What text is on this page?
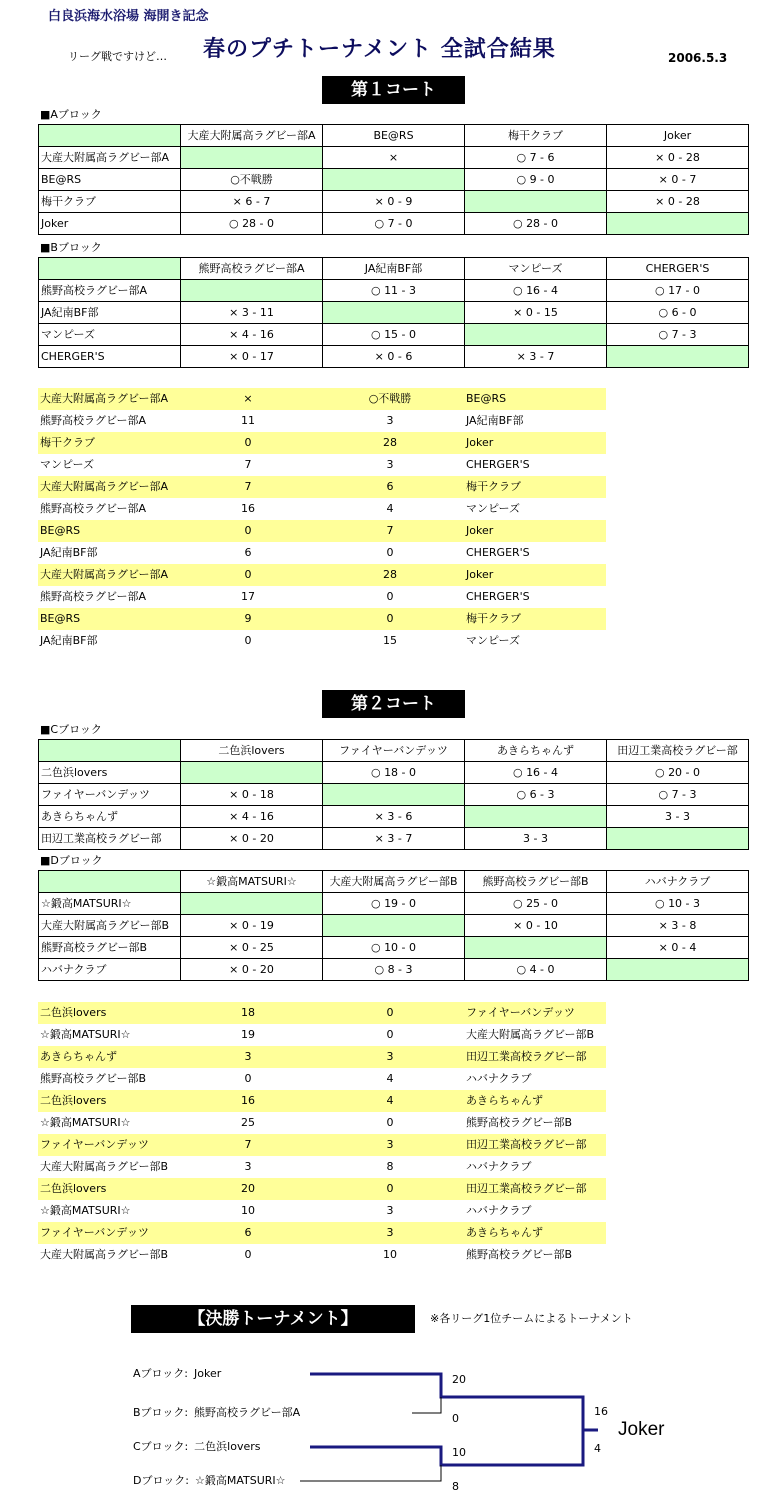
白良浜海水浴場 海開き記念
リーグ戦ですけど… 春のプチトーナメント 全試合結果	2006.5.3
第１コート
第２コート
■Aブロック
	大産大附属高ラグビー部A	BE@RS	梅干クラブ	Joker
大産大附属高ラグビー部A		×	○ 7 - 6	× 0 - 28
BE@RS	○不戦勝		○ 9 - 0	× 0 - 7
梅干クラブ	× 6 - 7	× 0 - 9		× 0 - 28
Joker	○ 28 - 0	○ 7 - 0	○ 28 - 0	
■Bブロック
	熊野高校ラグビー部A	JA紀南BF部	マンピーズ	CHERGER'S
熊野高校ラグビー部A		○ 11 - 3	○ 16 - 4	○ 17 - 0
JA紀南BF部	× 3 - 11		× 0 - 15	○ 6 - 0
マンピーズ	× 4 - 16	○ 15 - 0		○ 7 - 3
CHERGER'S	× 0 - 17	× 0 - 6	× 3 - 7	
大産大附属高ラグビー部A	×	○不戦勝	BE@RS
熊野高校ラグビー部A	11	3	JA紀南BF部
梅干クラブ	0	28	Joker
マンピーズ	7	3	CHERGER'S
大産大附属高ラグビー部A	7	6	梅干クラブ
熊野高校ラグビー部A	16	4	マンピーズ
BE@RS	0	7	Joker
JA紀南BF部	6	0	CHERGER'S
大産大附属高ラグビー部A	0	28	Joker
熊野高校ラグビー部A	17	0	CHERGER'S
BE@RS	9	0	梅干クラブ
JA紀南BF部	0	15	マンピーズ
■Cブロック
	二色浜lovers	ファイヤーバンデッツ	あきらちゃんず	田辺工業高校ラグビー部
二色浜lovers		○ 18 - 0	○ 16 - 4	○ 20 - 0
ファイヤーバンデッツ	× 0 - 18		○ 6 - 3	○ 7 - 3
あきらちゃんず	× 4 - 16	× 3 - 6		3 - 3
田辺工業高校ラグビー部	× 0 - 20	× 3 - 7	3 - 3	
■Dブロック
	☆鍛高MATSURI☆	大産大附属高ラグビー部B	熊野高校ラグビー部B	ハバナクラブ
☆鍛高MATSURI☆		○ 19 - 0	○ 25 - 0	○ 10 - 3
大産大附属高ラグビー部B	× 0 - 19		× 0 - 10	× 3 - 8
熊野高校ラグビー部B	× 0 - 25	○ 10 - 0		× 0 - 4
ハバナクラブ	× 0 - 20	○ 8 - 3	○ 4 - 0	
二色浜lovers	18	0	ファイヤーバンデッツ
☆鍛高MATSURI☆	19	0	大産大附属高ラグビー部B
あきらちゃんず	3	3	田辺工業高校ラグビー部
熊野高校ラグビー部B	0	4	ハバナクラブ
二色浜lovers	16	4	あきらちゃんず
☆鍛高MATSURI☆	25	0	熊野高校ラグビー部B
ファイヤーバンデッツ	7	3	田辺工業高校ラグビー部
大産大附属高ラグビー部B	3	8	ハバナクラブ
二色浜lovers	20	0	田辺工業高校ラグビー部
☆鍛高MATSURI☆	10	3	ハバナクラブ
ファイヤーバンデッツ	6	3	あきらちゃんず
大産大附属高ラグビー部B	0	10	熊野高校ラグビー部B
【決勝トーナメント】	※各リーグ1位チームによるトーナメント
Aブロック: Joker	20
Bブロック: 熊野高校ラグビー部A	0
Cブロック: 二色浜lovers	10
Dブロック: ☆鍛高MATSURI☆	8
16
4
Joker
